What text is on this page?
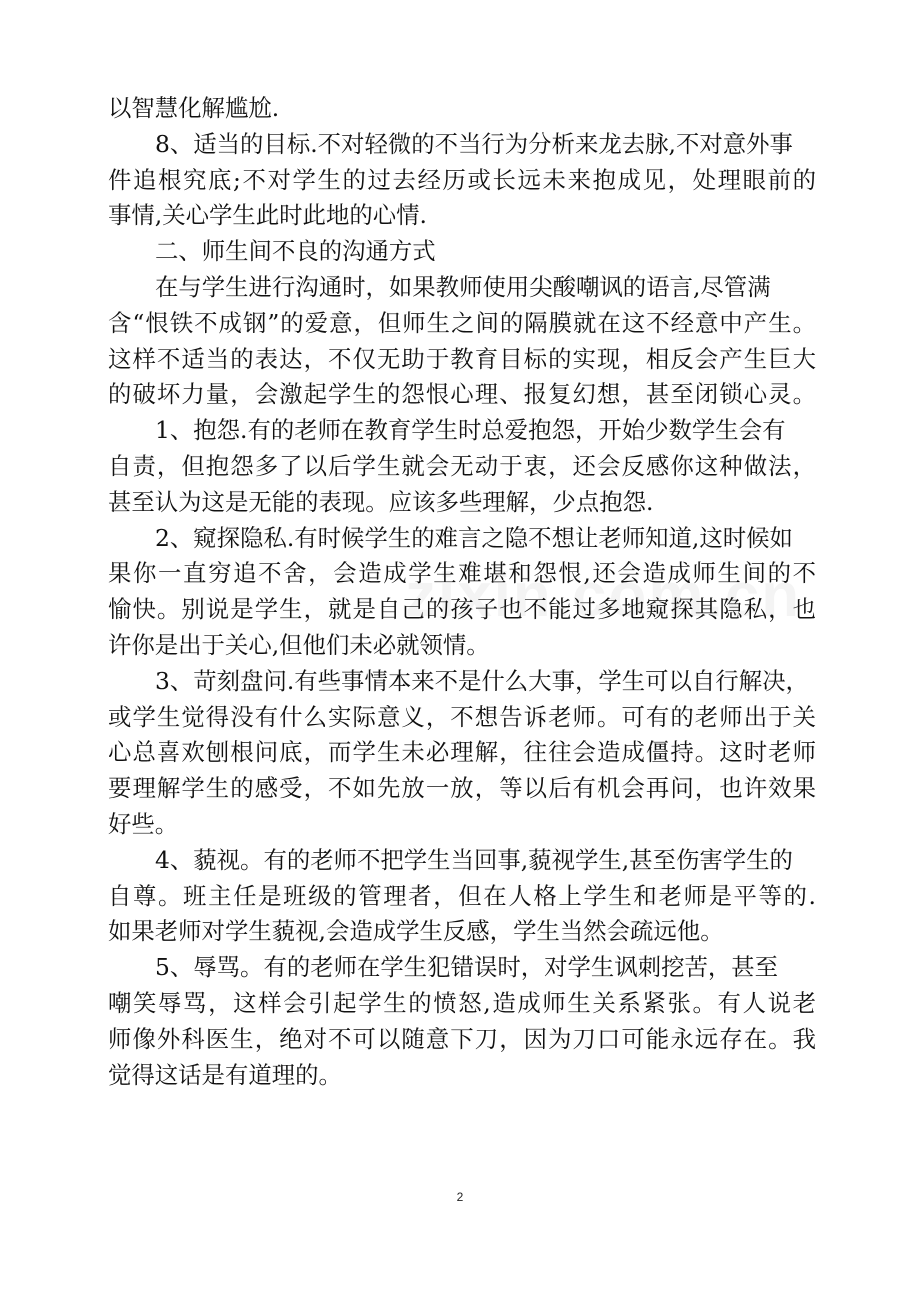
以智慧化解尴尬.
8、适当的目标.不对轻微的不当行为分析来龙去脉,不对意外事
件追根究底;不对学生的过去经历或长远未来抱成见，处理眼前的
事情,关心学生此时此地的心情.
二、师生间不良的沟通方式
在与学生进行沟通时，如果教师使用尖酸嘲讽的语言,尽管满
含“恨铁不成钢”的爱意，但师生之间的隔膜就在这不经意中产生。
这样不适当的表达，不仅无助于教育目标的实现，相反会产生巨大
的破坏力量，会激起学生的怨恨心理、报复幻想，甚至闭锁心灵。
1、抱怨.有的老师在教育学生时总爱抱怨，开始少数学生会有
自责，但抱怨多了以后学生就会无动于衷，还会反感你这种做法，
甚至认为这是无能的表现。应该多些理解，少点抱怨.
2、窥探隐私.有时候学生的难言之隐不想让老师知道,这时候如
果你一直穷追不舍，会造成学生难堪和怨恨,还会造成师生间的不
愉快。别说是学生，就是自己的孩子也不能过多地窥探其隐私，也
许你是出于关心,但他们未必就领情。
3、苛刻盘问.有些事情本来不是什么大事，学生可以自行解决，
或学生觉得没有什么实际意义，不想告诉老师。可有的老师出于关
心总喜欢刨根问底，而学生未必理解，往往会造成僵持。这时老师
要理解学生的感受，不如先放一放，等以后有机会再问，也许效果
好些。
4、藐视。有的老师不把学生当回事,藐视学生,甚至伤害学生的
自尊。班主任是班级的管理者，但在人格上学生和老师是平等的.
如果老师对学生藐视,会造成学生反感，学生当然会疏远他。
5、辱骂。有的老师在学生犯错误时，对学生讽刺挖苦，甚至
嘲笑辱骂，这样会引起学生的愤怒,造成师生关系紧张。有人说老
师像外科医生，绝对不可以随意下刀，因为刀口可能永远存在。我
觉得这话是有道理的。
2
